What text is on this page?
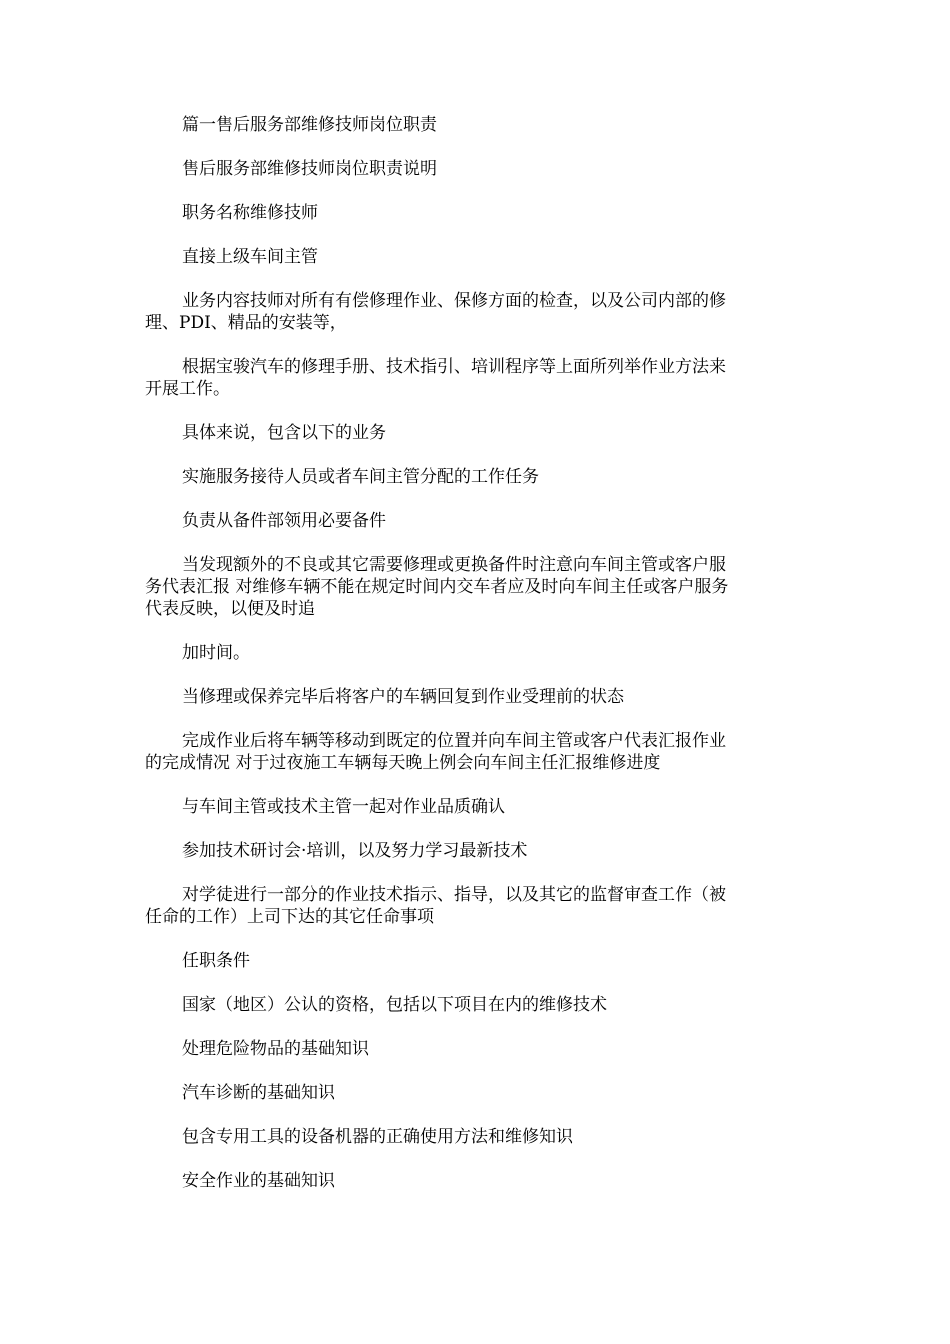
篇一售后服务部维修技师岗位职责

售后服务部维修技师岗位职责说明

职务名称维修技师

直接上级车间主管

业务内容技师对所有有偿修理作业、保修方面的检查，以及公司内部的修
理、PDI、精品的安装等，

根据宝骏汽车的修理手册、技术指引、培训程序等上面所列举作业方法来
开展工作。

具体来说，包含以下的业务

实施服务接待人员或者车间主管分配的工作任务

负责从备件部领用必要备件

当发现额外的不良或其它需要修理或更换备件时注意向车间主管或客户服
务代表汇报 对维修车辆不能在规定时间内交车者应及时向车间主任或客户服务
代表反映，以便及时追

加时间。

当修理或保养完毕后将客户的车辆回复到作业受理前的状态

完成作业后将车辆等移动到既定的位置并向车间主管或客户代表汇报作业
的完成情况 对于过夜施工车辆每天晚上例会向车间主任汇报维修进度

与车间主管或技术主管一起对作业品质确认

参加技术研讨会·培训，以及努力学习最新技术

对学徒进行一部分的作业技术指示、指导，以及其它的监督审查工作（被
任命的工作）上司下达的其它任命事项

任职条件

国家（地区）公认的资格，包括以下项目在内的维修技术

处理危险物品的基础知识

汽车诊断的基础知识

包含专用工具的设备机器的正确使用方法和维修知识

安全作业的基础知识
